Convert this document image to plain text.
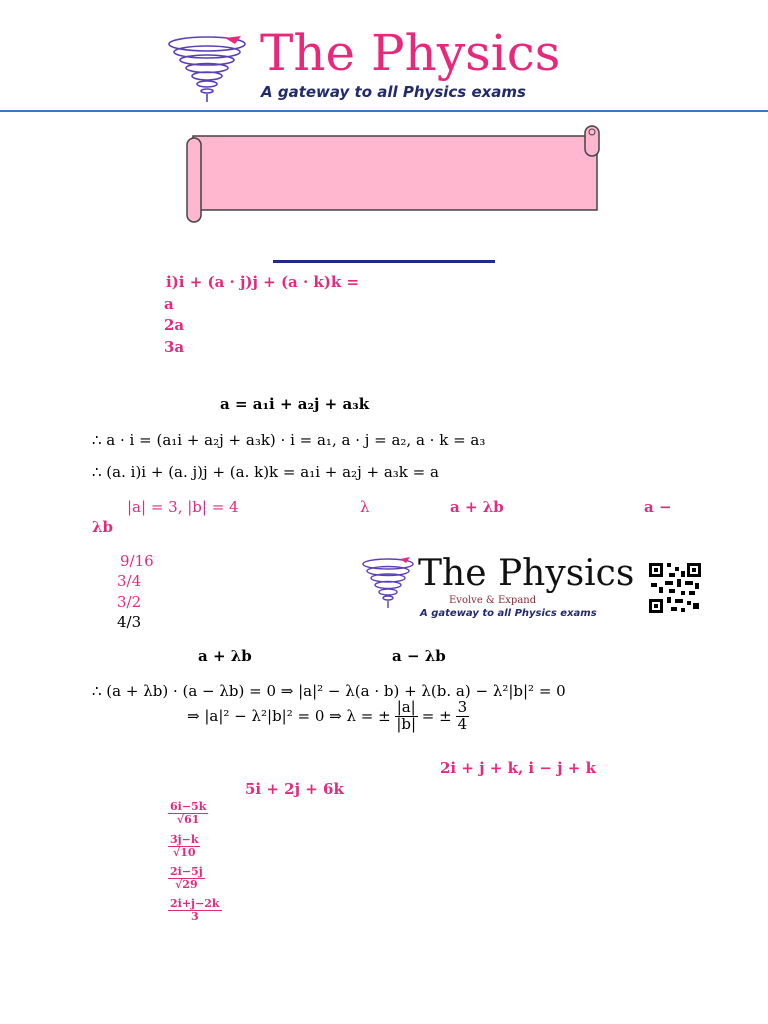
The Physics
A gateway to all Physics exams
i)i + (a · j)j + (a · k)k =
a
2a
3a
a = a₁i + a₂j + a₃k
∴ a · i = (a₁i + a₂j + a₃k) · i = a₁, a · j = a₂, a · k = a₃
∴ (a. i)i + (a. j)j + (a. k)k = a₁i + a₂j + a₃k = a
|a| = 3, |b| = 4	λ	a + λb	a −
λb
9/16
3/4
3/2
4/3
The Physics
Evolve & Expand
A gateway to all Physics exams
a + λb	a − λb
∴ (a + λb) · (a − λb) = 0 ⇒ |a|² − λ(a · b) + λ(b. a) − λ²|b|² = 0
⇒ |a|² − λ²|b|² = 0 ⇒ λ = ± $\frac{|a|}{|b|}$ = ± $\frac{3}{4}$
2i + j + k, i − j + k
5i + 2j + 6k
$\frac{6i-5k}{√61}$
$\frac{3j-k}{√10}$
$\frac{2i-5j}{√29}$
$\frac{2i+j-2k}{3}$
